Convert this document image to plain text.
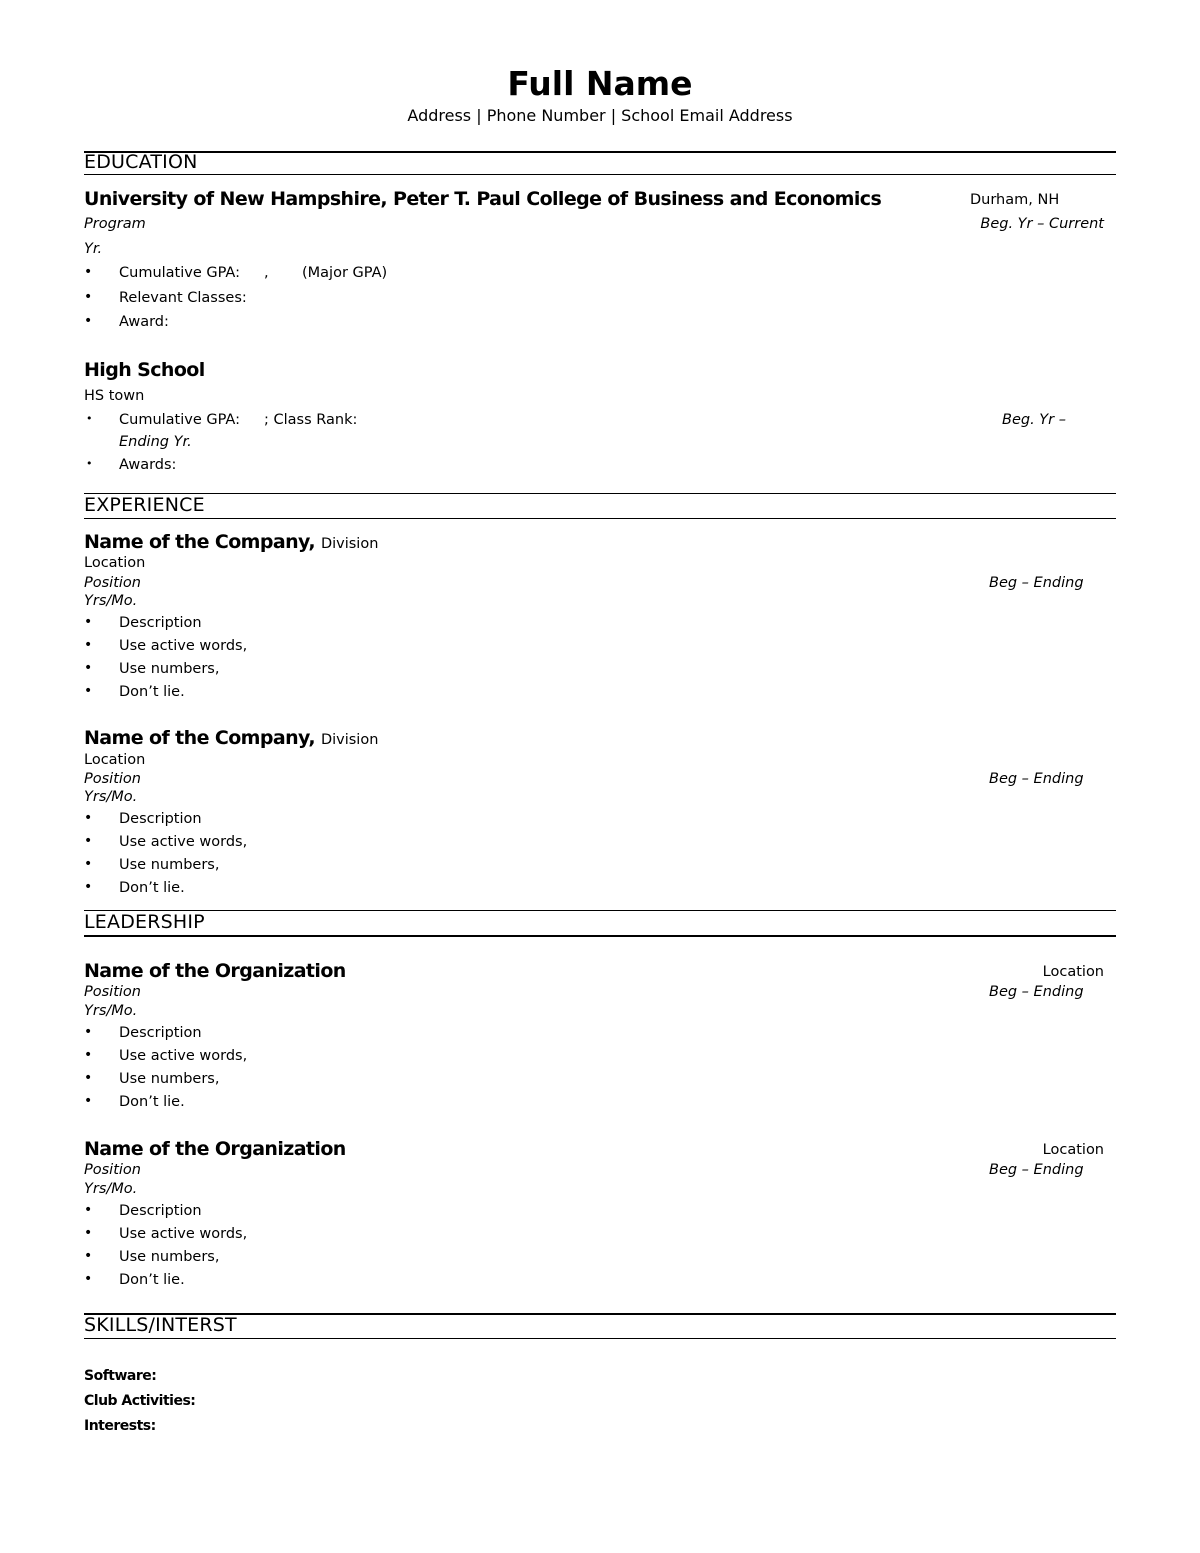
Full Name
Address | Phone Number | School Email Address
EDUCATION
University of New Hampshire, Peter T. Paul College of Business and Economics	Durham, NH
Program	Beg. Yr – Current
Yr.
• Cumulative GPA: , (Major GPA)
• Relevant Classes:
• Award:
High School
HS town
• Cumulative GPA: ; Class Rank:	Beg. Yr –
Ending Yr.
• Awards:
EXPERIENCE
Name of the Company, Division
Location
Position	Beg – Ending
Yrs/Mo.
• Description
• Use active words,
• Use numbers,
• Don’t lie.
Name of the Company, Division
Location
Position	Beg – Ending
Yrs/Mo.
• Description
• Use active words,
• Use numbers,
• Don’t lie.
LEADERSHIP
Name of the Organization	Location
Position	Beg – Ending
Yrs/Mo.
• Description
• Use active words,
• Use numbers,
• Don’t lie.
Name of the Organization	Location
Position	Beg – Ending
Yrs/Mo.
• Description
• Use active words,
• Use numbers,
• Don’t lie.
SKILLS/INTERST
Software:
Club Activities:
Interests:
